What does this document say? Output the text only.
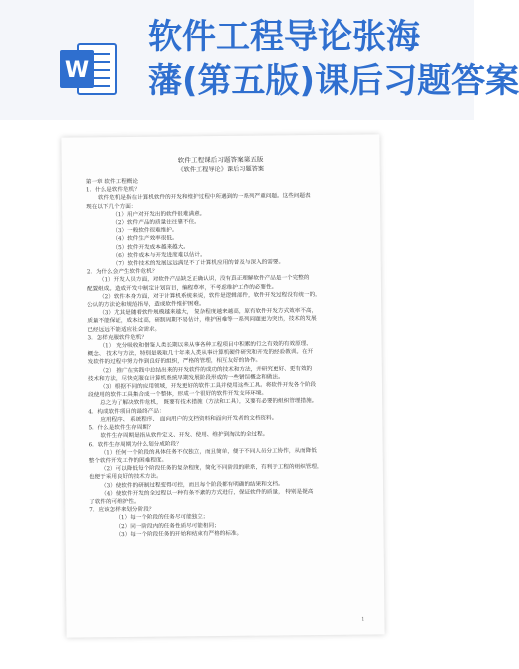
W
软件工程导论张海
藩(第五版)课后习题答案
软件工程课后习题答案第五版
《软件工程导论》课后习题答案
第一章 软件工程概论
1．什么是软件危机？
软件危机是指在计算机软件的开发和维护过程中所遇到的一系列严重问题。这些问题表
现在以下几个方面：
（1）用户对开发出的软件很难满意。
（2）软件产品的质量往往靠不住。
（3）一般软件很难维护。
（4）软件生产效率很低。
（5）软件开发成本越来越大。
（6）软件成本与开发进度难以估计。
（7）软件技术的发展远远满足不了计算机应用的普及与深入的需要。
2．为什么会产生软件危机？
（1）开发人员方面，对软件产品缺乏正确认识，没有真正理解软件产品是一个完整的
配置组成。造成开发中制定计划盲目，编程草率，不考虑维护工作的必要性。
（2）软件本身方面，对于计算机系统来说，软件是逻辑部件，软件开发过程没有统一的，
公认的方法论和规范指导，造成软件维护困难。
（3）尤其是随着软件规模越来越大， 复杂程度越来越高，原有软件开发方式效率不高，
质量不能保证，成本过高，研制周期不易估计，维护困难等一系列问题更为突出，技术的发展
已经远远不能适应社会需求。
3．怎样克服软件危机？
（1） 充分吸收和借鉴人类长期以来从事各种工程项目中积累的行之有效的有效原理、
概念、 技术与方法，特别是吸取几十年来人类从事计算机硬件研究和开发的经验教训。在开
发软件的过程中努力作到良好的组织，严格的管理，相互友好的协作。
（2） 推广在实践中总结出来的开发软件的成功的技术和方法，并研究更好、更有效的
技术和方法，尽快克服在计算机系统早期发展阶段形成的一些错误概念和做法。
（3）根据不同的应用领域，开发更好的软件工具并使用这些工具。将软件开发各个阶段
段使用的软件工具集合成一个整体，形成一个很好的软件开发支环环境。
总之为了解决软件危机， 既要有技术措施（方法和工具），又要有必要的组织管理措施。
4．构成软件项目的最终产品：
应用程序、 系统程序、 面向用户的文档资料和面向开发者的文档资料。
5．什么是软件生存周期？
软件生存周期是指从软件定义、开发、使用、维护到淘汰的全过程。
6．软件生存周期为什么划分成阶段？
（1）任何一个阶段的具体任务不仅独立，而且简单，便于不同人员分工协作，从而降低
整个软件开发工作的困难程度。
（2）可以降低每个阶段任务的复杂程度，简化不同阶段的联系，有利于工程的组织管理，
也便于采用良好的技术方法。
（3）使软件的研制过程变得可控，而且每个阶段都有明确的结果和文档。
（4）使软件开发的全过程以一种有条不紊的方式进行，保证软件的质量， 特别是提高
了软件的可维护性。
7．应该怎样来划分阶段？
（1）每一个阶段的任务尽可能独立；
（2）同一阶段内的任务性质尽可能相同；
（3）每一个阶段任务的开始和结束有严格的标准。
1
